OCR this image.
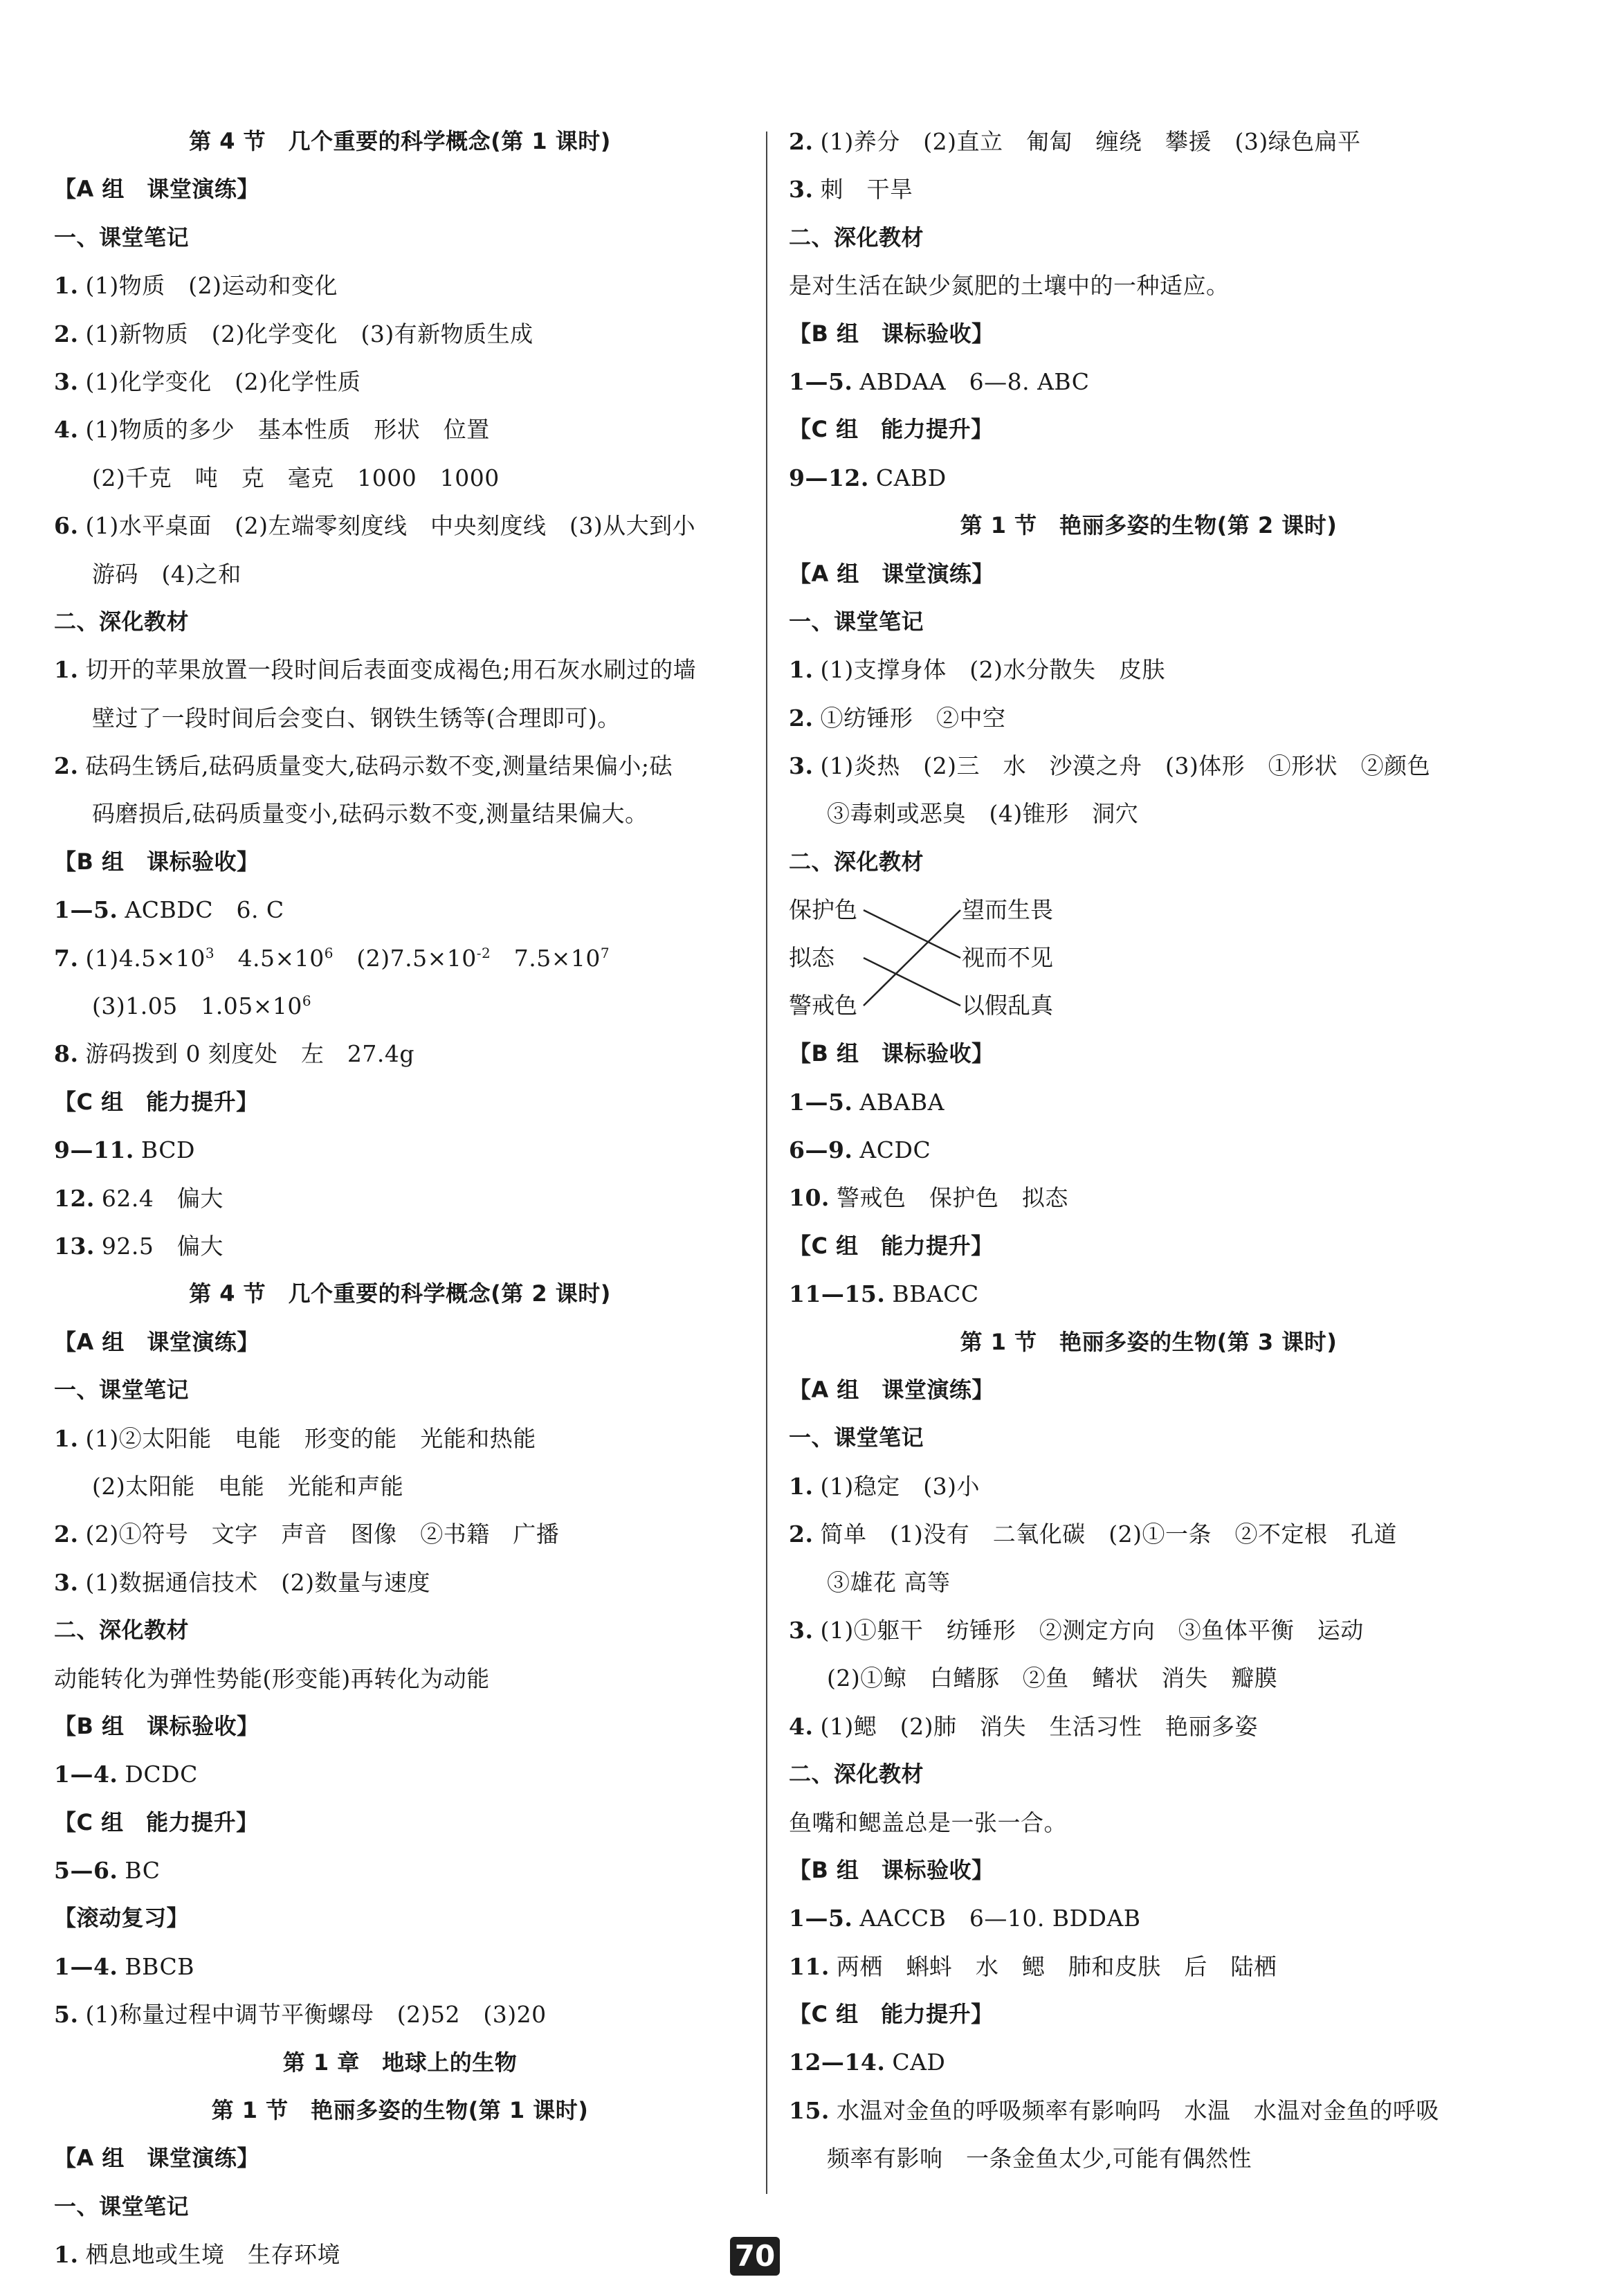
第 4 节　几个重要的科学概念(第 1 课时)
【A 组　课堂演练】
一、课堂笔记
1. (1)物质　(2)运动和变化
2. (1)新物质　(2)化学变化　(3)有新物质生成
3. (1)化学变化　(2)化学性质
4. (1)物质的多少　基本性质　形状　位置
(2)千克　吨　克　毫克　1000　1000
6. (1)水平桌面　(2)左端零刻度线　中央刻度线　(3)从大到小
游码　(4)之和
二、深化教材
1. 切开的苹果放置一段时间后表面变成褐色;用石灰水刷过的墙
壁过了一段时间后会变白、钢铁生锈等(合理即可)。
2. 砝码生锈后,砝码质量变大,砝码示数不变,测量结果偏小;砝
码磨损后,砝码质量变小,砝码示数不变,测量结果偏大。
【B 组　课标验收】
1—5. ACBDC　6. C
7. $(1)4.5\times 10^3$　$4.5\times 10^6$　$(2)7.5\times 10^{-2}$　$7.5\times 10^7$
(3)1.05　$1.05\times 10^6$
8. 游码拨到 0 刻度处　左　27.4g
【C 组　能力提升】
9—11. BCD
12. 62.4　偏大
13. 92.5　偏大
第 4 节　几个重要的科学概念(第 2 课时)
【A 组　课堂演练】
一、课堂笔记
1. (1)②太阳能　电能　形变的能　光能和热能
(2)太阳能　电能　光能和声能
2. (2)①符号　文字　声音　图像　②书籍　广播
3. (1)数据通信技术　(2)数量与速度
二、深化教材
动能转化为弹性势能(形变能)再转化为动能
【B 组　课标验收】
1—4. DCDC
【C 组　能力提升】
5—6. BC
【滚动复习】
1—4. BBCB
5. (1)称量过程中调节平衡螺母　(2)52　(3)20
第 1 章　地球上的生物
第 1 节　艳丽多姿的生物(第 1 课时)
【A 组　课堂演练】
一、课堂笔记
1. 栖息地或生境　生存环境
2. (1)养分　(2)直立　匍匐　缠绕　攀援　(3)绿色扁平
3. 刺　干旱
二、深化教材
是对生活在缺少氮肥的土壤中的一种适应。
【B 组　课标验收】
1—5. ABDAA　6—8. ABC
【C 组　能力提升】
9—12. CABD
第 1 节　艳丽多姿的生物(第 2 课时)
【A 组　课堂演练】
一、课堂笔记
1. (1)支撑身体　(2)水分散失　皮肤
2. ①纺锤形　②中空
3. (1)炎热　(2)三　水　沙漠之舟　(3)体形　①形状　②颜色
③毒刺或恶臭　(4)锥形　洞穴
二、深化教材
保护色
拟态
警戒色
望而生畏
视而不见
以假乱真
【B 组　课标验收】
1—5. ABABA
6—9. ACDC
10. 警戒色　保护色　拟态
【C 组　能力提升】
11—15. BBACC
第 1 节　艳丽多姿的生物(第 3 课时)
【A 组　课堂演练】
一、课堂笔记
1. (1)稳定　(3)小
2. 简单　(1)没有　二氧化碳　(2)①一条　②不定根　孔道
③雄花 高等
3. (1)①躯干　纺锤形　②测定方向　③鱼体平衡　运动
(2)①鲸　白鳍豚　②鱼　鳍状　消失　瓣膜
4. (1)鳃　(2)肺　消失　生活习性　艳丽多姿
二、深化教材
鱼嘴和鳃盖总是一张一合。
【B 组　课标验收】
1—5. AACCB　6—10. BDDAB
11. 两栖　蝌蚪　水　鳃　肺和皮肤　后　陆栖
【C 组　能力提升】
12—14. CAD
15. 水温对金鱼的呼吸频率有影响吗　水温　水温对金鱼的呼吸
频率有影响　一条金鱼太少,可能有偶然性
70
